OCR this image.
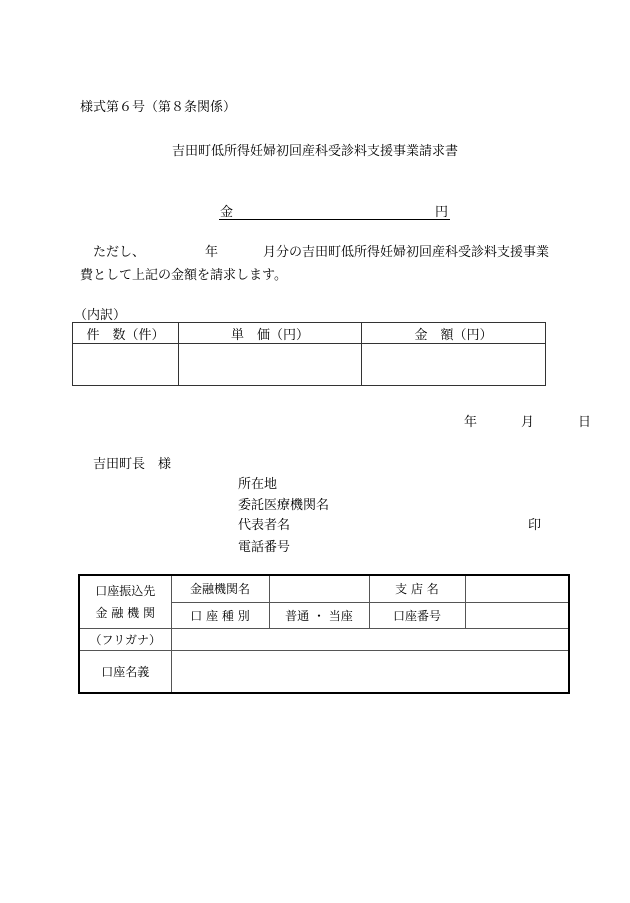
様式第６号（第８条関係）
吉田町低所得妊婦初回産科受診料支援事業請求書
金	円
　ただし、	年	月分の吉田町低所得妊婦初回産科受診料支援事業
費として上記の金額を請求します。
（内訳）
件　数（件）	単　価（円）	金　額（円）

年	月	日
吉田町長　様
所在地
委託医療機関名
代表者名
電話番号
印
口座振込先
金 融 機 関	金融機関名		支 店 名	
	口 座 種 別	普通 ・ 当座	口座番号	
（フリガナ）				
口座名義				
